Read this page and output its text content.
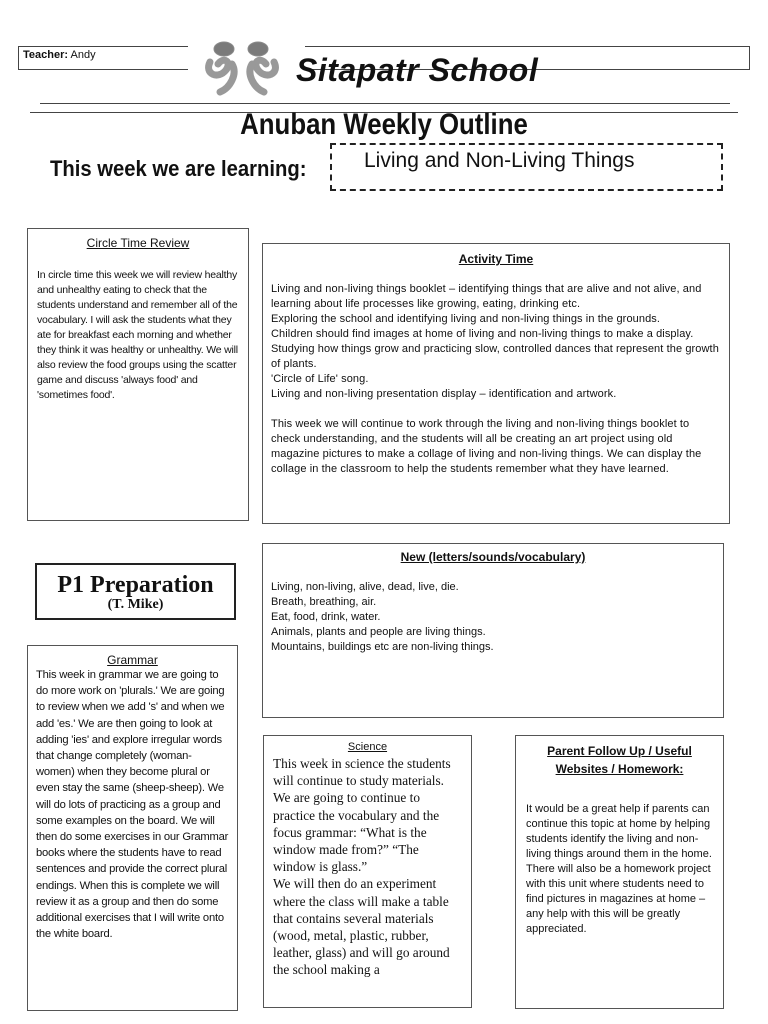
Teacher: Andy	Sitapatr School
Anuban Weekly Outline
This week we are learning:	Living and Non-Living Things
Circle Time Review
In circle time this week we will review healthy and unhealthy eating to check that the students understand and remember all of the vocabulary. I will ask the students what they ate for breakfast each morning and whether they think it was healthy or unhealthy. We will also review the food groups using the scatter game and discuss 'always food' and 'sometimes food'.
Activity Time

Living and non-living things booklet – identifying things that are alive and not alive, and learning about life processes like growing, eating, drinking etc.

Exploring the school and identifying living and non-living things in the grounds.

Children should find images at home of living and non-living things to make a display.

Studying how things grow and practicing slow, controlled dances that represent the growth of plants.

'Circle of Life' song.

Living and non-living presentation display – identification and artwork.

This week we will continue to work through the living and non-living things booklet to check understanding, and the students will all be creating an art project using old magazine pictures to make a collage of living and non-living things. We can display the collage in the classroom to help the students remember what they have learned.

New (letters/sounds/vocabulary)
Living, non-living, alive, dead, live, die.
Breath, breathing, air.
Eat, food, drink, water.
Animals, plants and people are living things.
Mountains, buildings etc are non-living things.
P1 Preparation
(T. Mike)
Grammar
This week in grammar we are going to do more work on 'plurals.' We are going to review when we add 's' and when we add 'es.' We are then going to look at adding 'ies' and explore irregular words that change completely (woman-women) when they become plural or even stay the same (sheep-sheep). We will do lots of practicing as a group and some examples on the board. We will then do some exercises in our Grammar books where the students have to read sentences and provide the correct plural endings. When this is complete we will review it as a group and then do some additional exercises that I will write onto the white board.
Science
This week in science the students will continue to study materials. We are going to continue to practice the vocabulary and the focus grammar: “What is the window made from?” “The window is glass.”
We will then do an experiment where the class will make a table that contains several materials (wood, metal, plastic, rubber, leather, glass) and will go around the school making a
Parent Follow Up / Useful Websites / Homework:
It would be a great help if parents can continue this topic at home by helping students identify the living and non-living things around them in the home. There will also be a homework project with this unit where students need to find pictures in magazines at home – any help with this will be greatly appreciated.
